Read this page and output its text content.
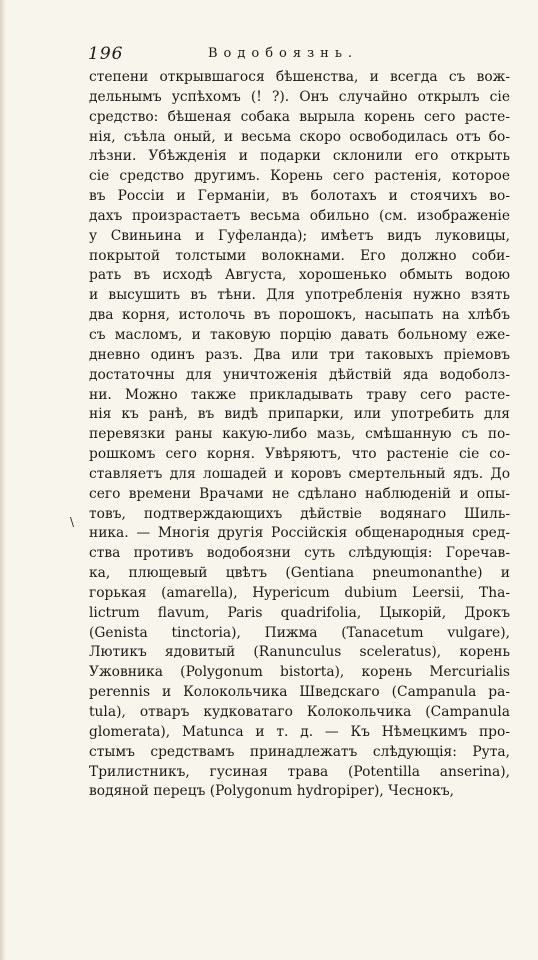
196	Водобоязнь.
\
степени открывшагося бѣшенства, и всегда съ вож-
дельнымъ успѣхомъ (! ?). Онъ случайно открылъ сіе
средство: бѣшеная собака вырыла корень сего расте-
нія, съѣла оный, и весьма скоро освободилась отъ бо-
лѣзни. Убѣжденія и подарки склонили его открыть
сіе средство другимъ. Корень сего растенія, которое
въ Россіи и Германіи, въ болотахъ и стоячихъ во-
дахъ произрастаетъ весьма обильно (см. изображеніе
у Свиньина и Гуфеланда); имѣетъ видъ луковицы,
покрытой толстыми волокнами. Его должно соби-
рать въ исходѣ Августа, хорошенько обмыть водою
и высушить въ тѣни. Для употребленія нужно взять
два корня, истолочь въ порошокъ, насыпать на хлѣбъ
съ масломъ, и таковую порцію давать больному еже-
дневно одинъ разъ. Два или три таковыхъ пріемовъ
достаточны для уничтоженія дѣйствій яда водоболз-
ни. Можно также прикладывать траву сего расте-
нія къ ранѣ, въ видѣ припарки, или употребить для
перевязки раны какую-либо мазь, смѣшанную съ по-
рошкомъ сего корня. Увѣряютъ, что растеніе сіе со-
ставляетъ для лошадей и коровъ смертельный ядъ. До
сего времени Врачами не сдѣлано наблюденій и опы-
товъ, подтверждающихъ дѣйствіе водянаго Шиль-
ника. — Многія другія Россійскія общенародныя сред-
ства противъ водобоязни суть слѣдующія: Горечав-
ка, плющевый цвѣтъ (Gentiana pneumonanthe) и
горькая (amarella), Hypericum dubium Leersii, Tha-
lictrum flavum, Paris quadrifolia, Цыкорій, Дрокъ
(Genista tinctoria), Пижма (Tanacetum vulgare),
Лютикъ ядовитый (Ranunculus sceleratus), корень
Ужовника (Polygonum bistorta), корень Mercurialis
perennis и Колокольчика Шведскаго (Campanula pa-
tula), отваръ кудковатаго Колокольчика (Campanula
glomerata), Matunca и т. д. — Къ Нѣмецкимъ про-
стымъ средствамъ принадлежатъ слѣдующія: Рута,
Трилистникъ, гусиная трава (Potentilla anserina),
водяной перецъ (Polygonum hydropiper), Чеснокъ,
